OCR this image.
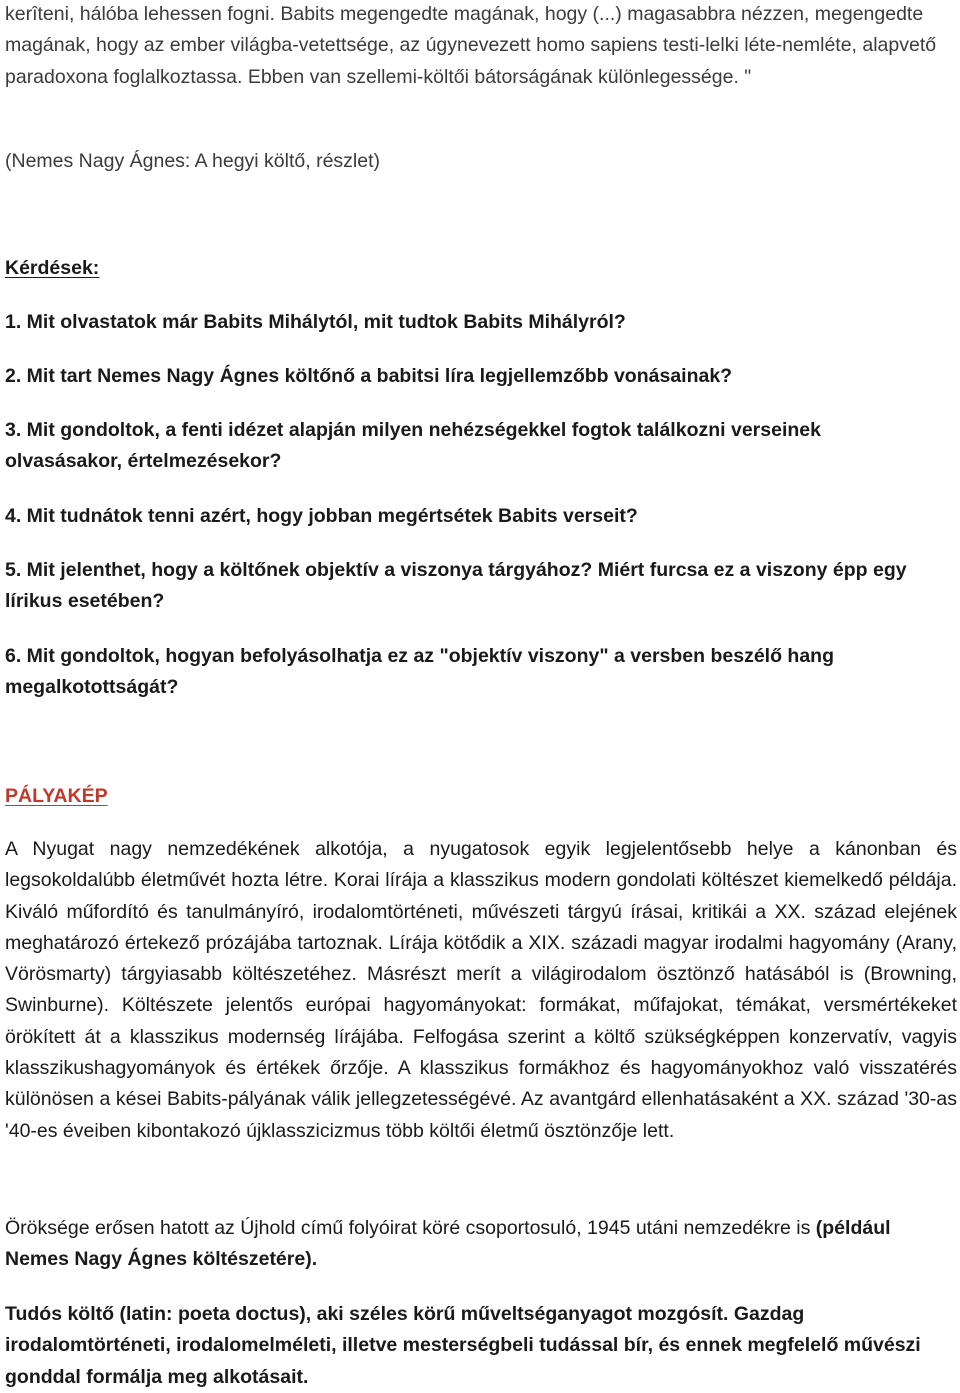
kerîteni, hálóba lehessen fogni. Babits megengedte magának, hogy (...) magasabbra nézzen, megengedte magának, hogy az ember világba-vetettsége, az úgynevezett homo sapiens testi-lelki léte-nemléte, alapvető paradoxona foglalkoztassa. Ebben van szellemi-költői bátorságának különlegessége. "

(Nemes Nagy Ágnes: A hegyi költő, részlet)

Kérdések:

1. Mit olvastatok már Babits Mihálytól, mit tudtok Babits Mihályról?

2. Mit tart Nemes Nagy Ágnes költőnő a babitsi líra legjellemzőbb vonásainak?

3. Mit gondoltok, a fenti idézet alapján milyen nehézségekkel fogtok találkozni verseinek olvasásakor, értelmezésekor?

4. Mit tudnátok tenni azért, hogy jobban megértsétek Babits verseit?

5. Mit jelenthet, hogy a költőnek objektív a viszonya tárgyához? Miért furcsa ez a viszony épp egy lírikus esetében?

6. Mit gondoltok, hogyan befolyásolhatja ez az "objektív viszony" a versben beszélő hang megalkotottságát?

PÁLYAKÉP

A Nyugat nagy nemzedékének alkotója, a nyugatosok egyik legjelentősebb helye a kánonban és legsokoldalúbb életművét hozta létre. Korai lírája a klasszikus modern gondolati költészet kiemelkedő példája. Kiváló műfordító és tanulmányíró, irodalomtörténeti, művészeti tárgyú írásai, kritikái a XX. század elejének meghatározó értekező prózájába tartoznak. Lírája kötődik a XIX. századi magyar irodalmi hagyomány (Arany, Vörösmarty) tárgyiasabb költészetéhez. Másrészt merít a világirodalom ösztönző hatásából is (Browning, Swinburne). Költészete jelentős európai hagyományokat: formákat, műfajokat, témákat, versmértékeket örökített át a klasszikus modernség lírájába. Felfogása szerint a költő szükségképpen konzervatív, vagyis klasszikushagyományok és értékek őrzője. A klasszikus formákhoz és hagyományokhoz való visszatérés különösen a kései Babits-pályának válik jellegzetességévé. Az avantgárd ellenhatásaként a XX. század '30-as '40-es éveiben kibontakozó újklasszicizmus több költői életmű ösztönzője lett.

Öröksége erősen hatott az Újhold című folyóirat köré csoportosuló, 1945 utáni nemzedékre is (például Nemes Nagy Ágnes költészetére).

Tudós költő (latin: poeta doctus), aki széles körű műveltséganyagot mozgósít. Gazdag irodalomtörténeti, irodalomelméleti, illetve mesterségbeli tudással bír, és ennek megfelelő művészi gonddal formálja meg alkotásait.
